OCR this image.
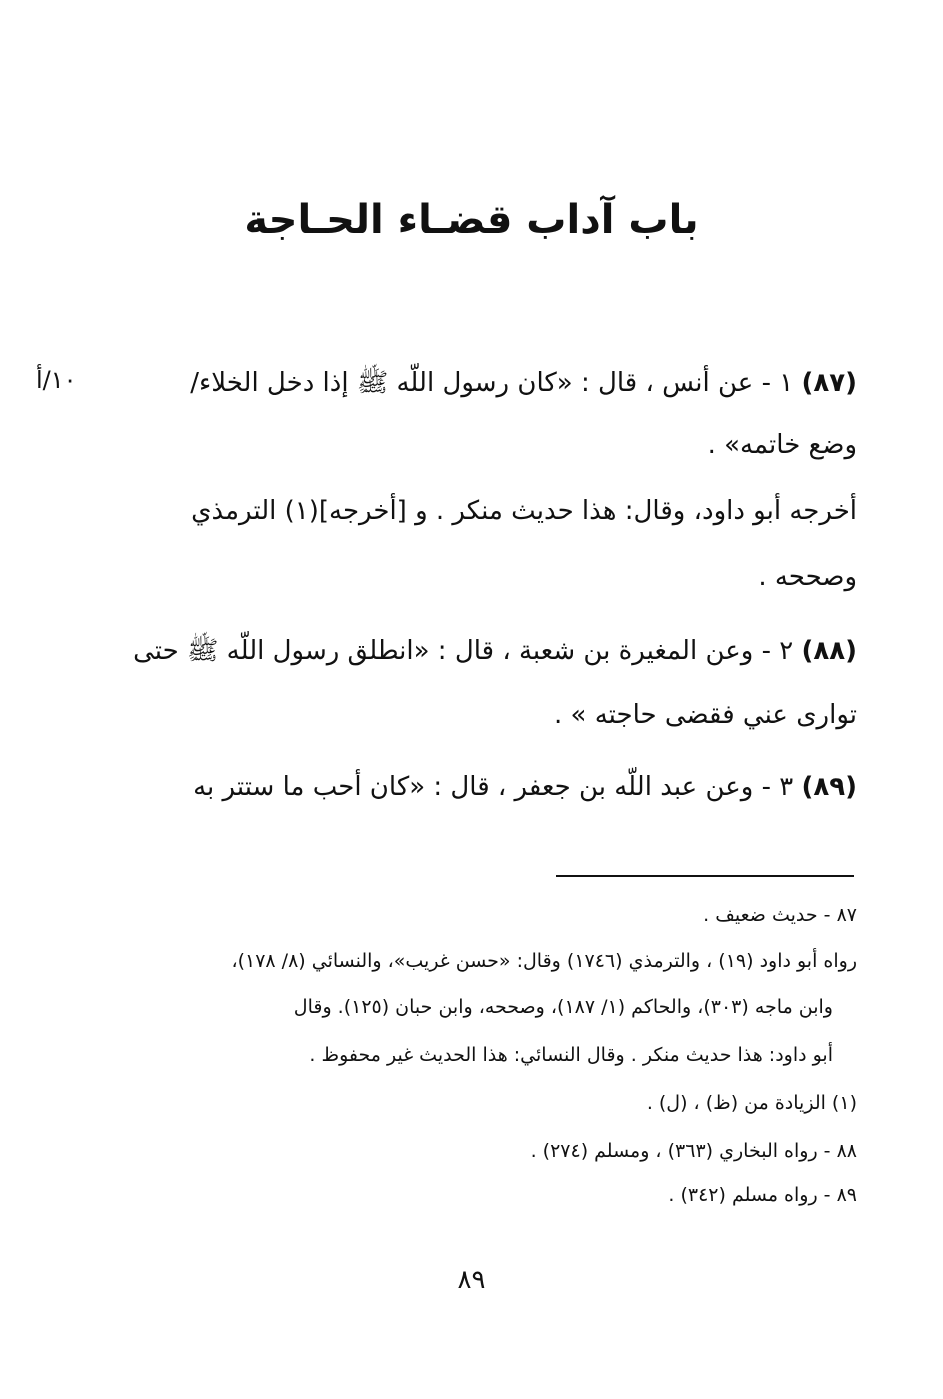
باب آداب قضـاء الحـاجة
١٠/أ	(٨٧) ١ - عن أنس ، قال : «كان رسول اللّه ﷺ إذا دخل الخلاء/
وضع خاتمه» .
أخرجه أبو داود، وقال: هذا حديث منكر . و [أخرجه](١) الترمذي
وصححه .
(٨٨) ٢ - وعن المغيرة بن شعبة ، قال : «انطلق رسول اللّه ﷺ حتى
توارى عني فقضى حاجته » .
(٨٩) ٣ - وعن عبد اللّه بن جعفر ، قال : «كان أحب ما ستتر به
٨٧ - حديث ضعيف .
رواه أبو داود (١٩) ، والترمذي (١٧٤٦) وقال: «حسن غريب»، والنسائي (٨/ ١٧٨)،
وابن ماجه (٣٠٣)، والحاكم (١/ ١٨٧)، وصححه، وابن حبان (١٢٥). وقال
أبو داود: هذا حديث منكر . وقال النسائي: هذا الحديث غير محفوظ .
(١) الزيادة من (ظ) ، (ل) .
٨٨ - رواه البخاري (٣٦٣) ، ومسلم (٢٧٤) .
٨٩ - رواه مسلم (٣٤٢) .
٨٩
